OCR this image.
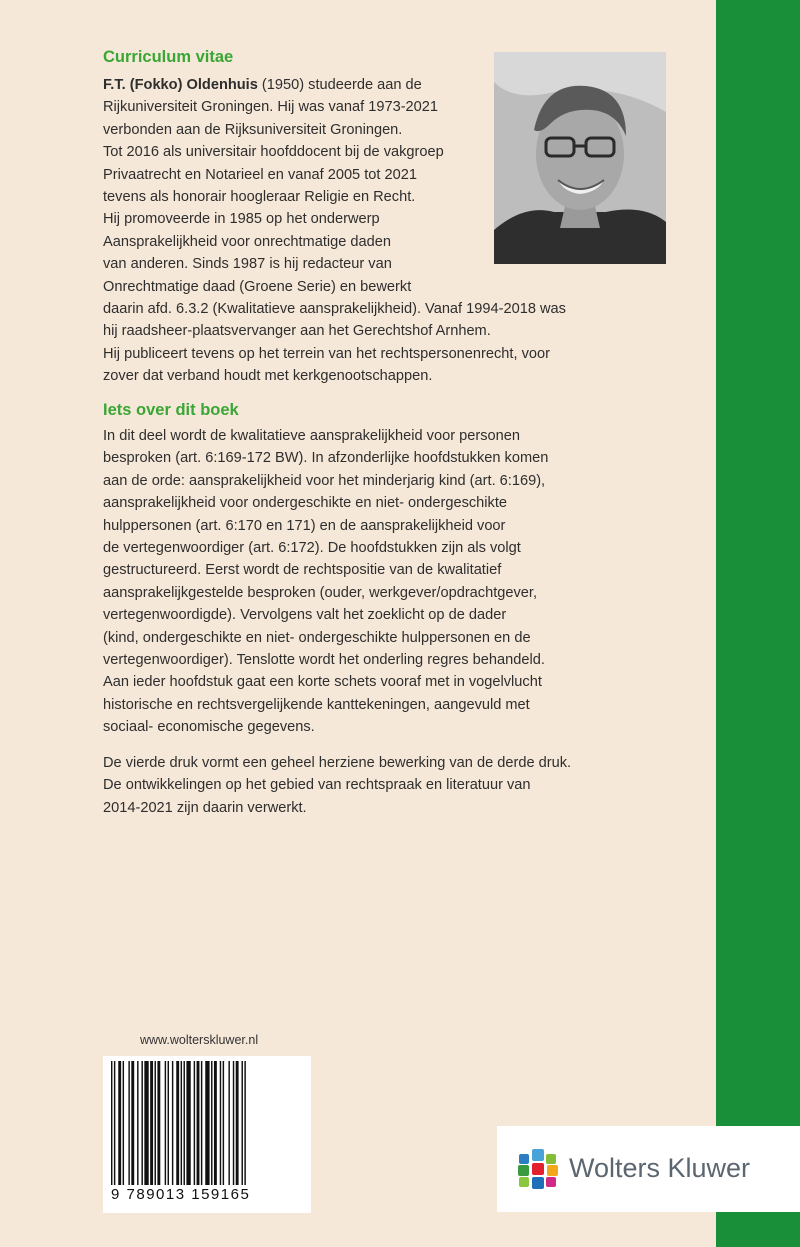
Curriculum vitae
F.T. (Fokko) Oldenhuis (1950) studeerde aan de
Rijkuniversiteit Groningen. Hij was vanaf 1973-2021
verbonden aan de Rijksuniversiteit Groningen.
Tot 2016 als universitair hoofddocent bij de vakgroep
Privaatrecht en Notarieel en vanaf 2005 tot 2021
tevens als honorair hoogleraar Religie en Recht.
Hij promoveerde in 1985 op het onderwerp
Aansprakelijkheid voor onrechtmatige daden
van anderen. Sinds 1987 is hij redacteur van
Onrechtmatige daad (Groene Serie) en bewerkt
daarin afd. 6.3.2 (Kwalitatieve aansprakelijkheid). Vanaf 1994-2018 was
hij raadsheer-plaatsvervanger aan het Gerechtshof Arnhem.
Hij publiceert tevens op het terrein van het rechtspersonenrecht, voor
zover dat verband houdt met kerkgenootschappen.
Iets over dit boek
In dit deel wordt de kwalitatieve aansprakelijkheid voor personen
besproken (art. 6:169-172 BW). In afzonderlijke hoofdstukken komen
aan de orde: aansprakelijkheid voor het minderjarig kind (art. 6:169),
aansprakelijkheid voor ondergeschikte en niet- ondergeschikte
hulppersonen (art. 6:170 en 171) en de aansprakelijkheid voor
de vertegenwoordiger (art. 6:172). De hoofdstukken zijn als volgt
gestructureerd. Eerst wordt de rechtspositie van de kwalitatief
aansprakelijkgestelde besproken (ouder, werkgever/opdrachtgever,
vertegenwoordigde). Vervolgens valt het zoeklicht op de dader
(kind, ondergeschikte en niet- ondergeschikte hulppersonen en de
vertegenwoordiger). Tenslotte wordt het onderling regres behandeld.
Aan ieder hoofdstuk gaat een korte schets vooraf met in vogelvlucht
historische en rechtsvergelijkende kanttekeningen, aangevuld met
sociaal- economische gegevens.
De vierde druk vormt een geheel herziene bewerking van de derde druk.
De ontwikkelingen op het gebied van rechtspraak en literatuur van
2014-2021 zijn daarin verwerkt.
www.wolterskluwer.nl
9 789013 159165
Wolters Kluwer
